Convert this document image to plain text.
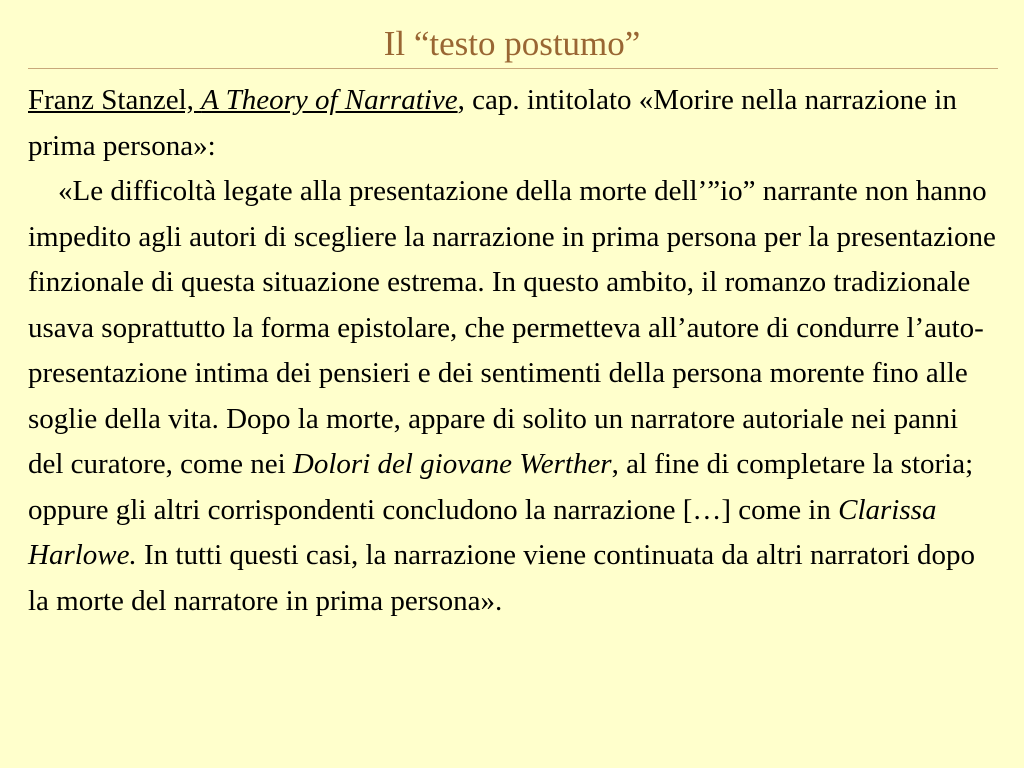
Il “testo postumo”

Franz Stanzel, A Theory of Narrative, cap. intitolato «Morire nella narrazione in prima persona»:

«Le difficoltà legate alla presentazione della morte dell’”io” narrante non hanno impedito agli autori di scegliere la narrazione in prima persona per la presentazione finzionale di questa situazione estrema. In questo ambito, il romanzo tradizionale usava soprattutto la forma epistolare, che permetteva all’autore di condurre l’auto-presentazione intima dei pensieri e dei sentimenti della persona morente fino alle soglie della vita. Dopo la morte, appare di solito un narratore autoriale nei panni del curatore, come nei Dolori del giovane Werther, al fine di completare la storia; oppure gli altri corrispondenti concludono la narrazione […] come in Clarissa Harlowe. In tutti questi casi, la narrazione viene continuata da altri narratori dopo la morte del narratore in prima persona».
